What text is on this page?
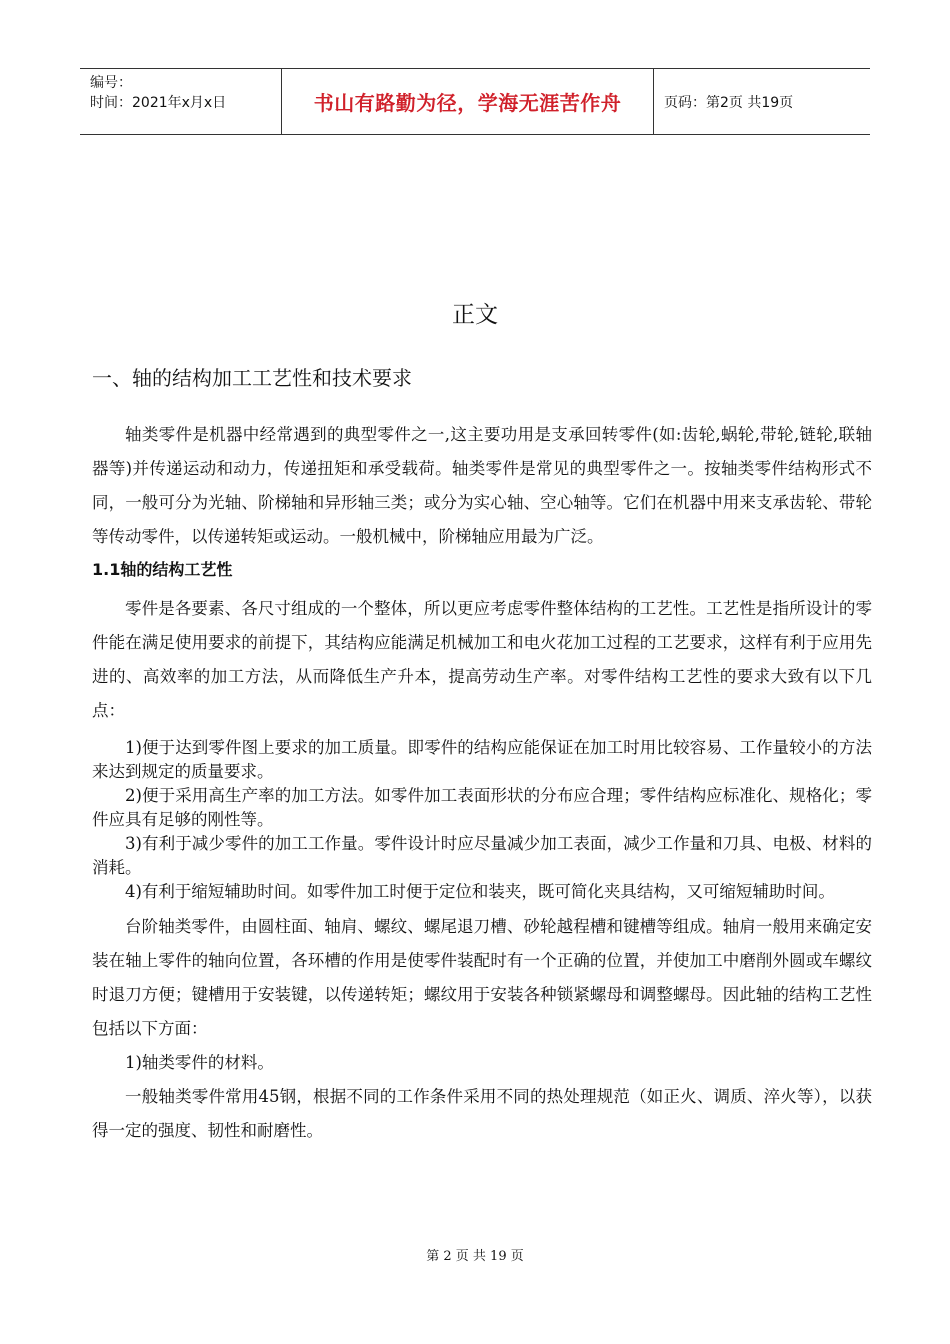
编号：
时间：2021年x月x日	书山有路勤为径，学海无涯苦作舟	页码：第2页 共19页
正文
一、轴的结构加工工艺性和技术要求

轴类零件是机器中经常遇到的典型零件之一,这主要功用是支承回转零件(如:齿轮,蜗轮,带轮,链轮,联轴器等)并传递运动和动力，传递扭矩和承受载荷。轴类零件是常见的典型零件之一。按轴类零件结构形式不同，一般可分为光轴、阶梯轴和异形轴三类；或分为实心轴、空心轴等。它们在机器中用来支承齿轮、带轮等传动零件，以传递转矩或运动。一般机械中，阶梯轴应用最为广泛。

1.1轴的结构工艺性

零件是各要素、各尺寸组成的一个整体，所以更应考虑零件整体结构的工艺性。工艺性是指所设计的零件能在满足使用要求的前提下，其结构应能满足机械加工和电火花加工过程的工艺要求，这样有利于应用先进的、高效率的加工方法，从而降低生产升本，提高劳动生产率。对零件结构工艺性的要求大致有以下几点：

1)便于达到零件图上要求的加工质量。即零件的结构应能保证在加工时用比较容易、工作量较小的方法来达到规定的质量要求。

2)便于采用高生产率的加工方法。如零件加工表面形状的分布应合理；零件结构应标准化、规格化；零件应具有足够的刚性等。

3)有利于减少零件的加工工作量。零件设计时应尽量减少加工表面，减少工作量和刀具、电极、材料的消耗。

4)有利于缩短辅助时间。如零件加工时便于定位和装夹，既可简化夹具结构，又可缩短辅助时间。

台阶轴类零件，由圆柱面、轴肩、螺纹、螺尾退刀槽、砂轮越程槽和键槽等组成。轴肩一般用来确定安装在轴上零件的轴向位置，各环槽的作用是使零件装配时有一个正确的位置，并使加工中磨削外圆或车螺纹时退刀方便；键槽用于安装键，以传递转矩；螺纹用于安装各种锁紧螺母和调整螺母。因此轴的结构工艺性包括以下方面：

1)轴类零件的材料。

一般轴类零件常用45钢，根据不同的工作条件采用不同的热处理规范（如正火、调质、淬火等），以获得一定的强度、韧性和耐磨性。

第 2 页 共 19 页
